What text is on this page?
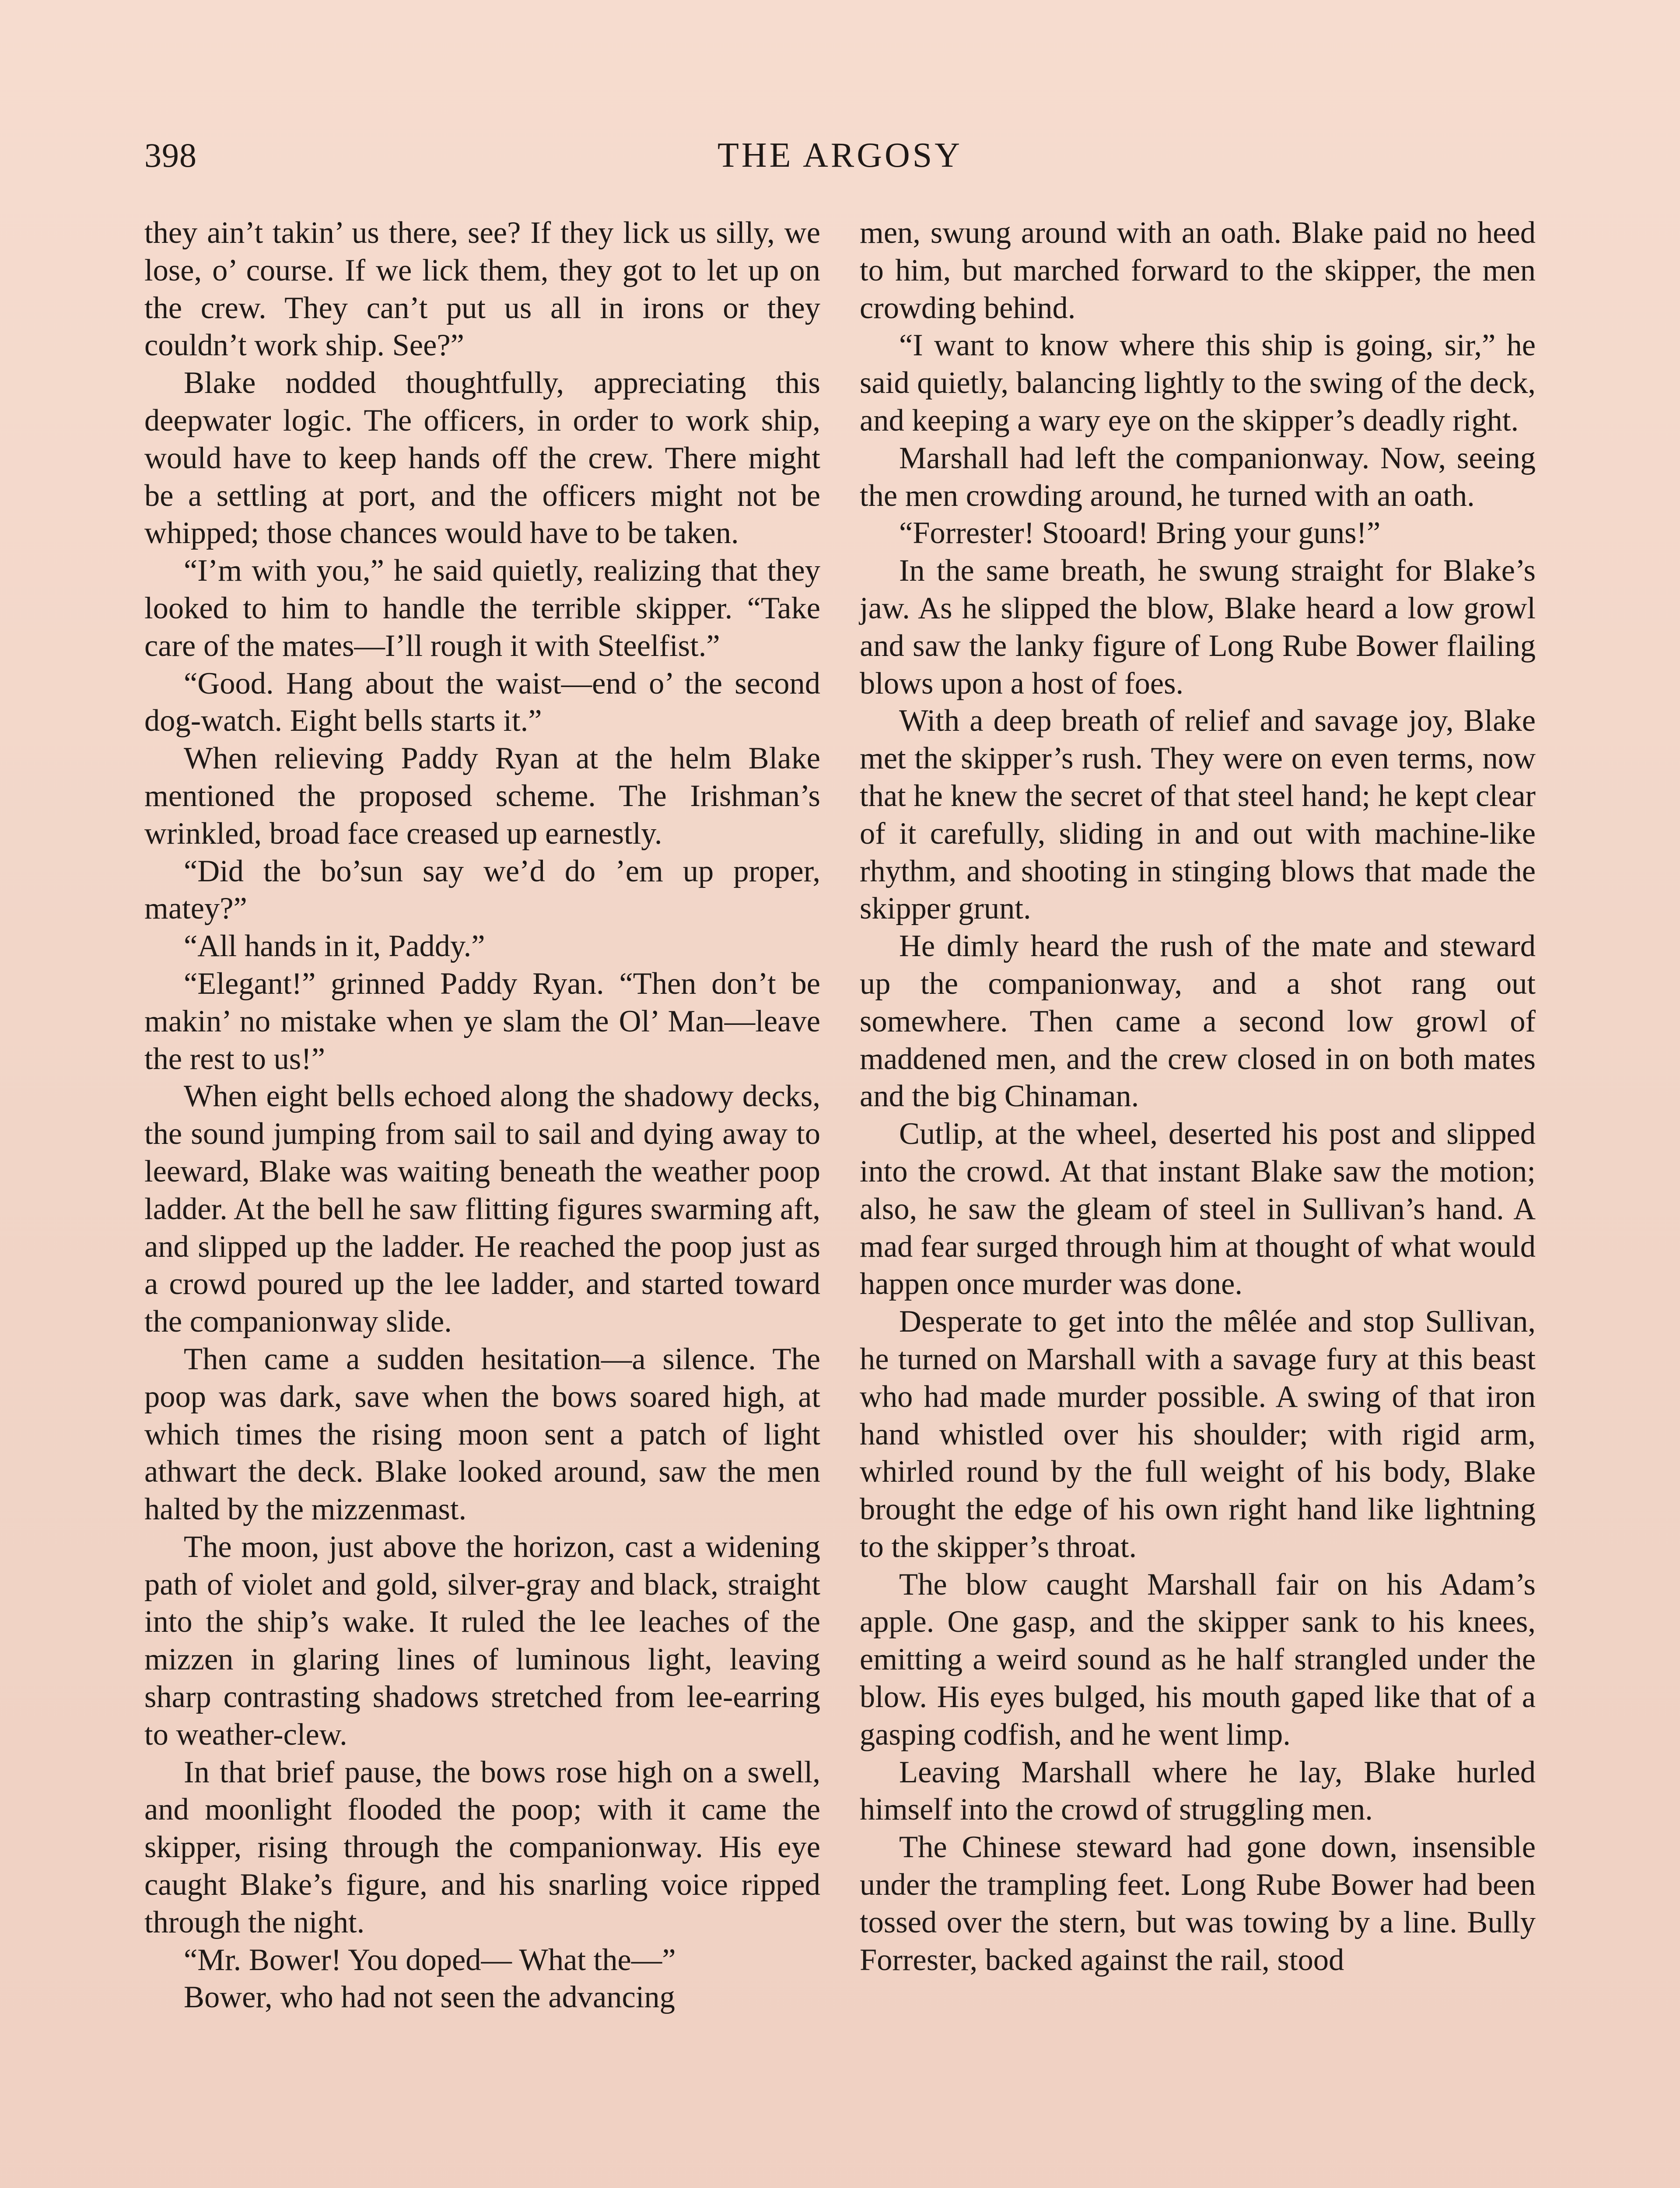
398	THE ARGOSY

they ain’t takin’ us there, see? If they lick us silly, we lose, o’ course. If we lick them, they got to let up on the crew. They can’t put us all in irons or they couldn’t work ship. See?”

Blake nodded thoughtfully, appreciating this deepwater logic. The officers, in order to work ship, would have to keep hands off the crew. There might be a settling at port, and the officers might not be whipped; those chances would have to be taken.

“I’m with you,” he said quietly, realizing that they looked to him to handle the terrible skipper. “Take care of the mates—I’ll rough it with Steelfist.”

“Good. Hang about the waist—end o’ the second dog-watch. Eight bells starts it.”

When relieving Paddy Ryan at the helm Blake mentioned the proposed scheme. The Irishman’s wrinkled, broad face creased up earnestly.

“Did the bo’sun say we’d do ’em up proper, matey?”

“All hands in it, Paddy.”

“Elegant!” grinned Paddy Ryan. “Then don’t be makin’ no mistake when ye slam the Ol’ Man—leave the rest to us!”

When eight bells echoed along the shadowy decks, the sound jumping from sail to sail and dying away to leeward, Blake was waiting beneath the weather poop ladder. At the bell he saw flitting figures swarming aft, and slipped up the ladder. He reached the poop just as a crowd poured up the lee ladder, and started toward the companionway slide.

Then came a sudden hesitation—a silence. The poop was dark, save when the bows soared high, at which times the rising moon sent a patch of light athwart the deck. Blake looked around, saw the men halted by the mizzenmast.

The moon, just above the horizon, cast a widening path of violet and gold, silver-gray and black, straight into the ship’s wake. It ruled the lee leaches of the mizzen in glaring lines of luminous light, leaving sharp contrasting shadows stretched from lee-earring to weather-clew.

In that brief pause, the bows rose high on a swell, and moonlight flooded the poop; with it came the skipper, rising through the companionway. His eye caught Blake’s figure, and his snarling voice ripped through the night.

“Mr. Bower! You doped— What the—”

Bower, who had not seen the advancing

men, swung around with an oath. Blake paid no heed to him, but marched forward to the skipper, the men crowding behind.

“I want to know where this ship is going, sir,” he said quietly, balancing lightly to the swing of the deck, and keeping a wary eye on the skipper’s deadly right.

Marshall had left the companionway. Now, seeing the men crowding around, he turned with an oath.

“Forrester! Stooard! Bring your guns!”

In the same breath, he swung straight for Blake’s jaw. As he slipped the blow, Blake heard a low growl and saw the lanky figure of Long Rube Bower flailing blows upon a host of foes.

With a deep breath of relief and savage joy, Blake met the skipper’s rush. They were on even terms, now that he knew the secret of that steel hand; he kept clear of it carefully, sliding in and out with machine-like rhythm, and shooting in stinging blows that made the skipper grunt.

He dimly heard the rush of the mate and steward up the companionway, and a shot rang out somewhere. Then came a second low growl of maddened men, and the crew closed in on both mates and the big Chinaman.

Cutlip, at the wheel, deserted his post and slipped into the crowd. At that instant Blake saw the motion; also, he saw the gleam of steel in Sullivan’s hand. A mad fear surged through him at thought of what would happen once murder was done.

Desperate to get into the mêlée and stop Sullivan, he turned on Marshall with a savage fury at this beast who had made murder possible. A swing of that iron hand whistled over his shoulder; with rigid arm, whirled round by the full weight of his body, Blake brought the edge of his own right hand like lightning to the skipper’s throat.

The blow caught Marshall fair on his Adam’s apple. One gasp, and the skipper sank to his knees, emitting a weird sound as he half strangled under the blow. His eyes bulged, his mouth gaped like that of a gasping codfish, and he went limp.

Leaving Marshall where he lay, Blake hurled himself into the crowd of struggling men.

The Chinese steward had gone down, insensible under the trampling feet. Long Rube Bower had been tossed over the stern, but was towing by a line. Bully Forrester, backed against the rail, stood
